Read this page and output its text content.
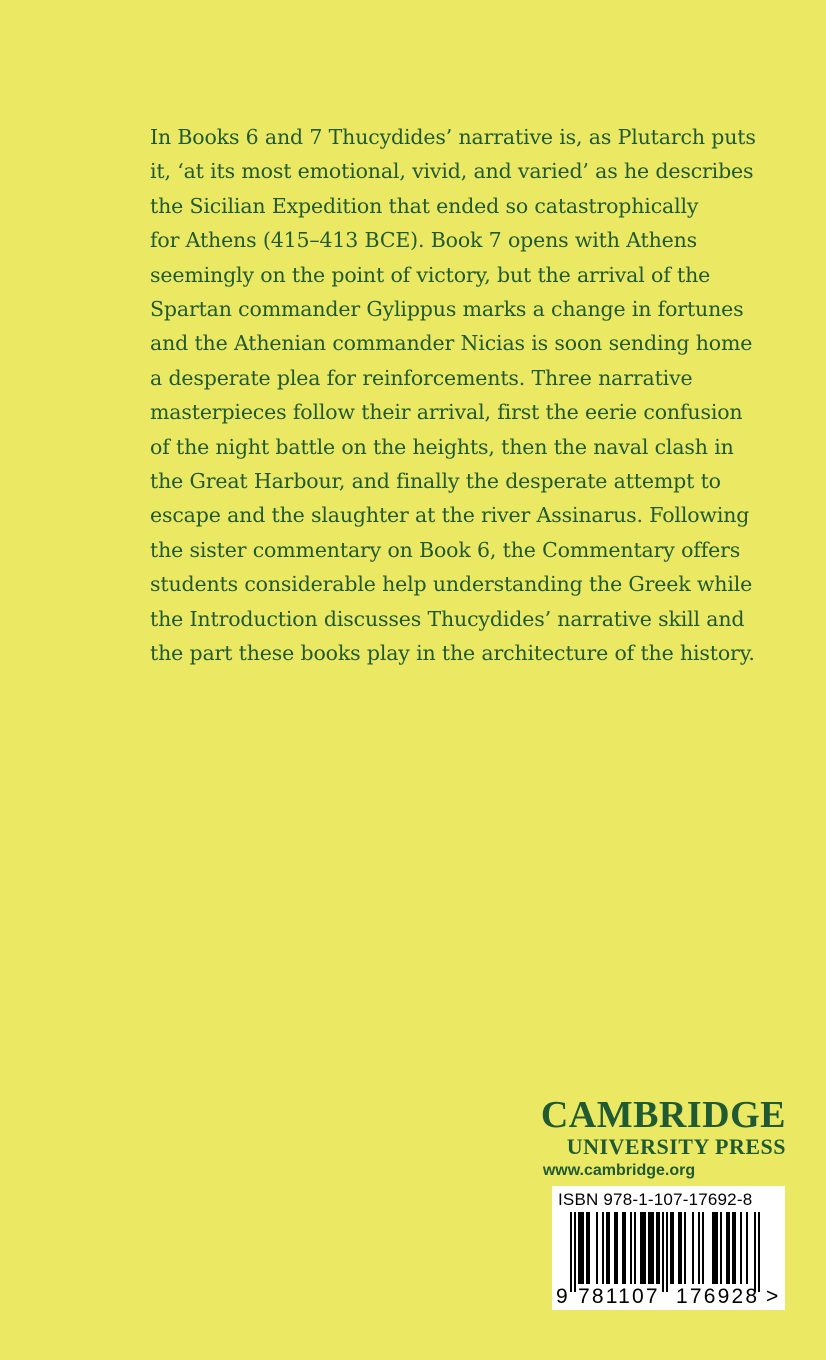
In Books 6 and 7 Thucydides’ narrative is, as Plutarch puts
it, ‘at its most emotional, vivid, and varied’ as he describes
the Sicilian Expedition that ended so catastrophically
for Athens (415–413 BCE). Book 7 opens with Athens
seemingly on the point of victory, but the arrival of the
Spartan commander Gylippus marks a change in fortunes
and the Athenian commander Nicias is soon sending home
a desperate plea for reinforcements. Three narrative
masterpieces follow their arrival, first the eerie confusion
of the night battle on the heights, then the naval clash in
the Great Harbour, and finally the desperate attempt to
escape and the slaughter at the river Assinarus. Following
the sister commentary on Book 6, the Commentary offers
students considerable help understanding the Greek while
the Introduction discusses Thucydides’ narrative skill and
the part these books play in the architecture of the history.
CAMBRIDGE
UNIVERSITY PRESS
www.cambridge.org
ISBN 978-1-107-17692-8
9 781107 176928 >
